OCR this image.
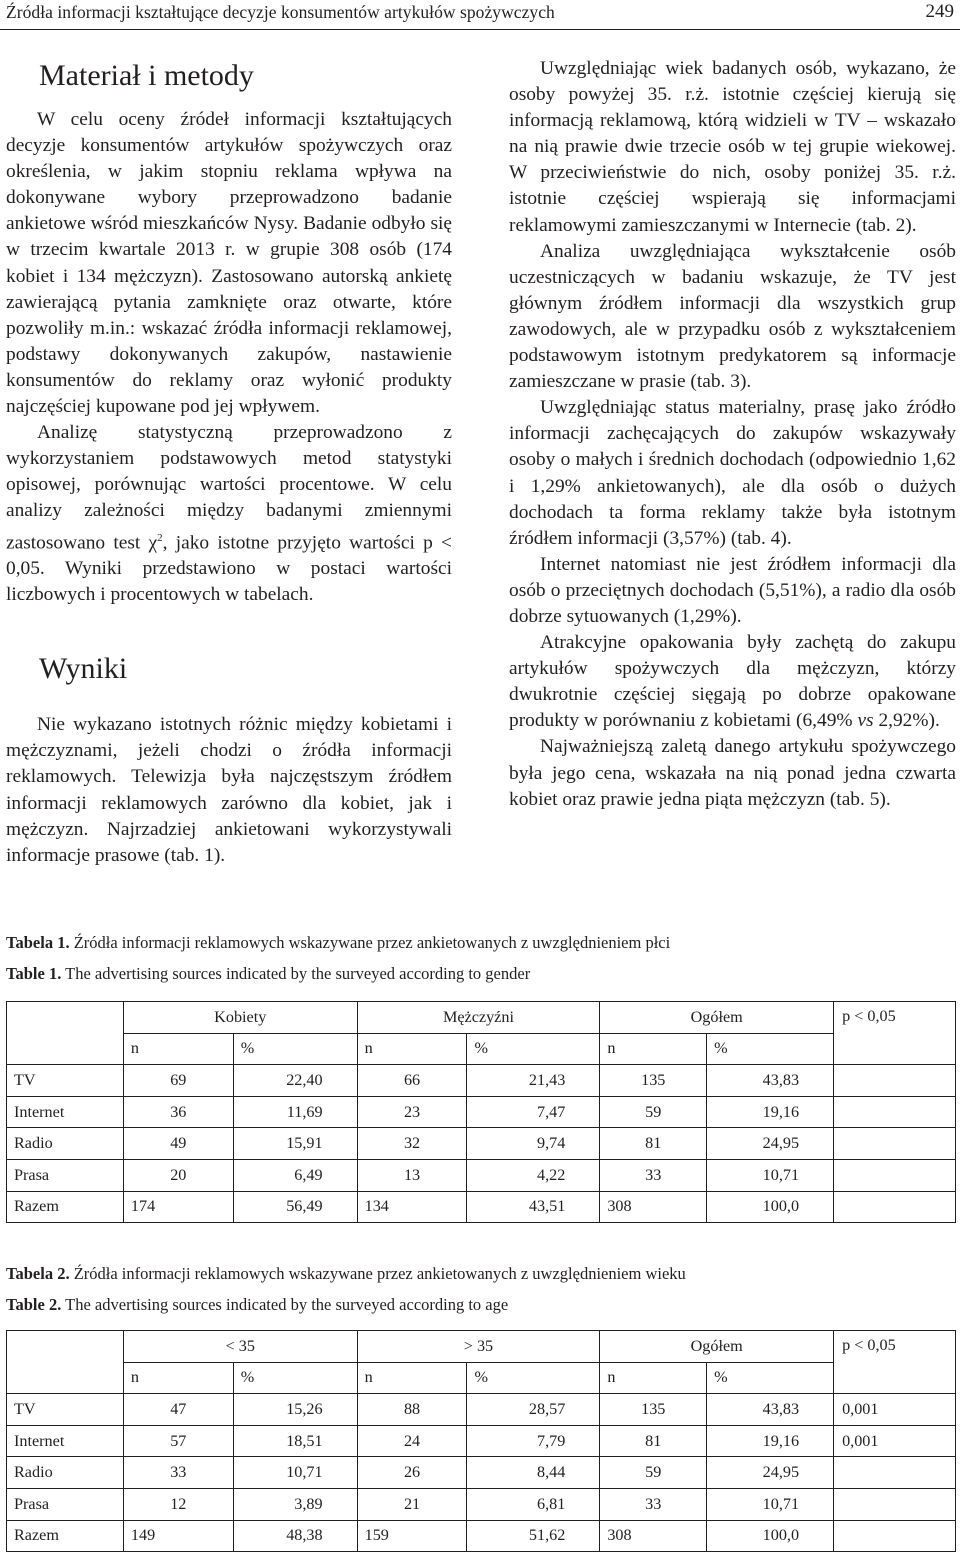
Źródła informacji kształtujące decyzje konsumentów artykułów spożywczych	249
Materiał i metody

W celu oceny źródeł informacji kształtujących decyzje konsumentów artykułów spożywczych oraz określenia, w jakim stopniu reklama wpływa na dokonywane wybory przeprowadzono badanie ankietowe wśród mieszkańców Nysy. Badanie odbyło się w trzecim kwartale 2013 r. w grupie 308 osób (174 kobiet i 134 mężczyzn). Zastosowano autorską ankietę zawierającą pytania zamknięte oraz otwarte, które pozwoliły m.in.: wskazać źródła informacji reklamowej, podstawy dokonywanych zakupów, nastawienie konsumentów do reklamy oraz wyłonić produkty najczęściej kupowane pod jej wpływem.

Analizę statystyczną przeprowadzono z wykorzystaniem podstawowych metod statystyki opisowej, porównując wartości procentowe. W celu analizy zależności między badanymi zmiennymi zastosowano test $\chi^2$, jako istotne przyjęto wartości p < 0,05. Wyniki przedstawiono w postaci wartości liczbowych i procentowych w tabelach.

Wyniki

Nie wykazano istotnych różnic między kobietami i mężczyznami, jeżeli chodzi o źródła informacji reklamowych. Telewizja była najczęstszym źródłem informacji reklamowych zarówno dla kobiet, jak i mężczyzn. Najrzadziej ankietowani wykorzystywali informacje prasowe (tab. 1).

Uwzględniając wiek badanych osób, wykazano, że osoby powyżej 35. r.ż. istotnie częściej kierują się informacją reklamową, którą widzieli w TV – wskazało na nią prawie dwie trzecie osób w tej grupie wiekowej. W przeciwieństwie do nich, osoby poniżej 35. r.ż. istotnie częściej wspierają się informacjami reklamowymi zamieszczanymi w Internecie (tab. 2).

Analiza uwzględniająca wykształcenie osób uczestniczących w badaniu wskazuje, że TV jest głównym źródłem informacji dla wszystkich grup zawodowych, ale w przypadku osób z wykształceniem podstawowym istotnym predykatorem są informacje zamieszczane w prasie (tab. 3).

Uwzględniając status materialny, prasę jako źródło informacji zachęcających do zakupów wskazywały osoby o małych i średnich dochodach (odpowiednio 1,62 i 1,29% ankietowanych), ale dla osób o dużych dochodach ta forma reklamy także była istotnym źródłem informacji (3,57%) (tab. 4).

Internet natomiast nie jest źródłem informacji dla osób o przeciętnych dochodach (5,51%), a radio dla osób dobrze sytuowanych (1,29%).

Atrakcyjne opakowania były zachętą do zakupu artykułów spożywczych dla mężczyzn, którzy dwukrotnie częściej sięgają po dobrze opakowane produkty w porównaniu z kobietami (6,49% vs 2,92%).

Najważniejszą zaletą danego artykułu spożywczego była jego cena, wskazała na nią ponad jedna czwarta kobiet oraz prawie jedna piąta mężczyzn (tab. 5).

Tabela 1. Źródła informacji reklamowych wskazywane przez ankietowanych z uwzględnieniem płci
Table 1. The advertising sources indicated by the surveyed according to gender
	Kobiety		Mężczyźni		Ogółem		p < 0,05
	n	%	n	%	n	%	
TV	69	22,40	66	21,43	135	43,83	
Internet	36	11,69	23	7,47	59	19,16	
Radio	49	15,91	32	9,74	81	24,95	
Prasa	20	6,49	13	4,22	33	10,71	
Razem	174	56,49	134	43,51	308	100,0	
Tabela 2. Źródła informacji reklamowych wskazywane przez ankietowanych z uwzględnieniem wieku
Table 2. The advertising sources indicated by the surveyed according to age
	< 35		> 35		Ogółem		p < 0,05
	n	%	n	%	n	%	
TV	47	15,26	88	28,57	135	43,83	0,001
Internet	57	18,51	24	7,79	81	19,16	0,001
Radio	33	10,71	26	8,44	59	24,95	
Prasa	12	3,89	21	6,81	33	10,71	
Razem	149	48,38	159	51,62	308	100,0	
